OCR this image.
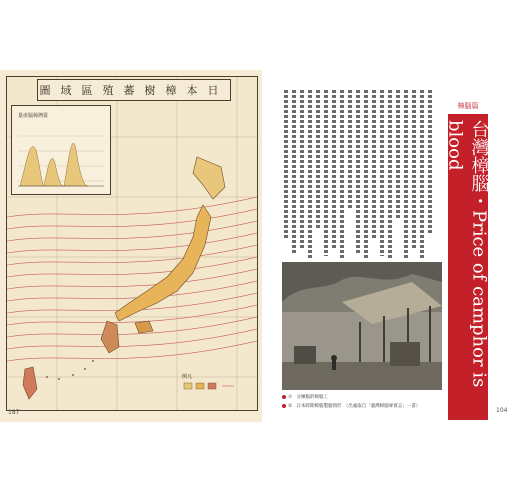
圖域區殖蕃樹樟本日
量產腦樟灣臺
例凡
187
樟腦篇
台灣樟腦・Price of camphor is blood
①　分揀腦的樟腦工
②　日本時期樟腦製腦情形　（出處取自「臺灣樟腦專賣志」一書）
104
